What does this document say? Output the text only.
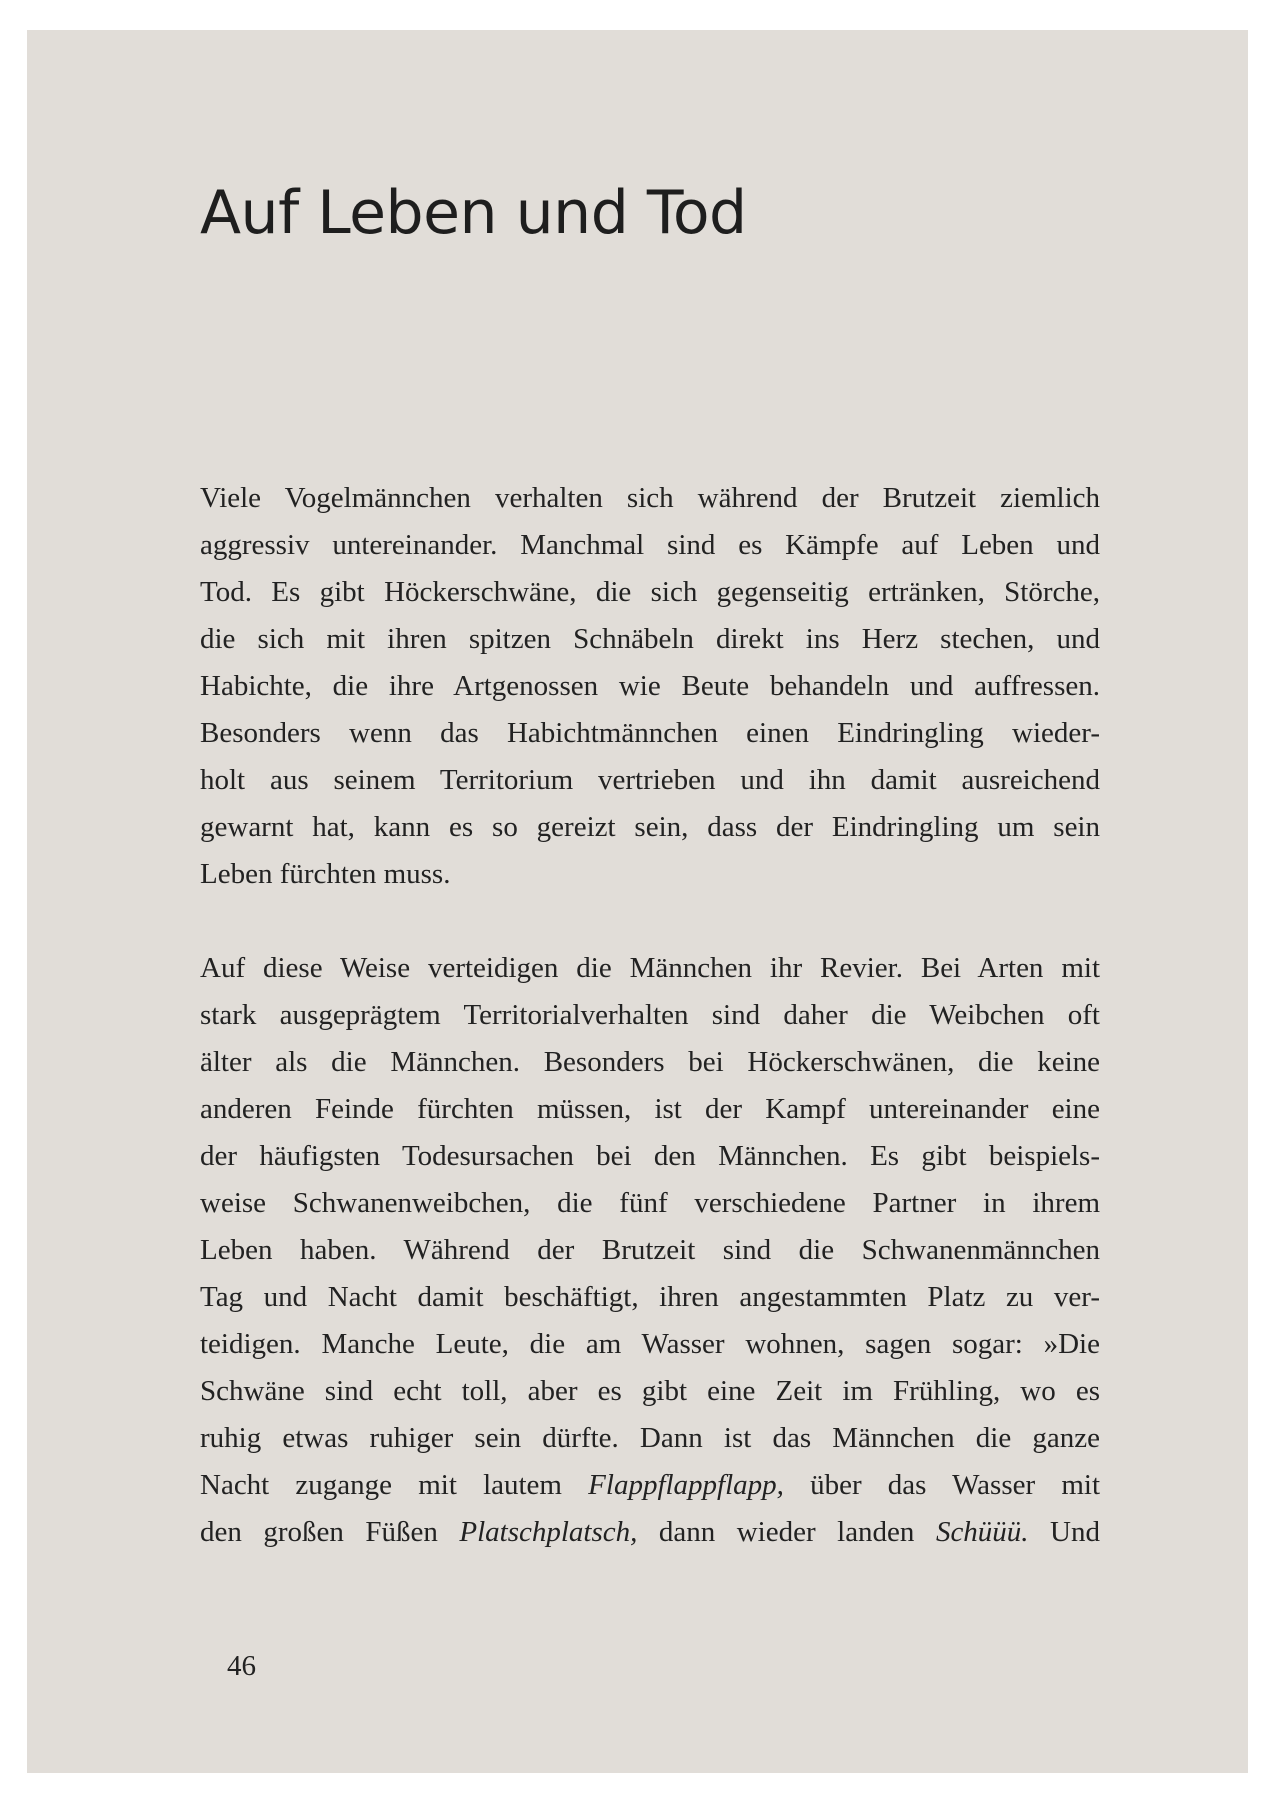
Auf Leben und Tod
Viele Vogelmännchen verhalten sich während der Brutzeit ziemlich
aggressiv untereinander. Manchmal sind es Kämpfe auf Leben und
Tod. Es gibt Höckerschwäne, die sich gegenseitig ertränken, Störche,
die sich mit ihren spitzen Schnäbeln direkt ins Herz stechen, und
Habichte, die ihre Artgenossen wie Beute behandeln und auffressen.
Besonders wenn das Habichtmännchen einen Eindringling wieder-
holt aus seinem Territorium vertrieben und ihn damit ausreichend
gewarnt hat, kann es so gereizt sein, dass der Eindringling um sein
Leben fürchten muss.
Auf diese Weise verteidigen die Männchen ihr Revier. Bei Arten mit
stark ausgeprägtem Territorialverhalten sind daher die Weibchen oft
älter als die Männchen. Besonders bei Höckerschwänen, die keine
anderen Feinde fürchten müssen, ist der Kampf untereinander eine
der häufigsten Todesursachen bei den Männchen. Es gibt beispiels-
weise Schwanenweibchen, die fünf verschiedene Partner in ihrem
Leben haben. Während der Brutzeit sind die Schwanenmännchen
Tag und Nacht damit beschäftigt, ihren angestammten Platz zu ver-
teidigen. Manche Leute, die am Wasser wohnen, sagen sogar: »Die
Schwäne sind echt toll, aber es gibt eine Zeit im Frühling, wo es
ruhig etwas ruhiger sein dürfte. Dann ist das Männchen die ganze
Nacht zugange mit lautem Flappflappflapp, über das Wasser mit
den großen Füßen Platschplatsch, dann wieder landen Schüüü. Und
46
